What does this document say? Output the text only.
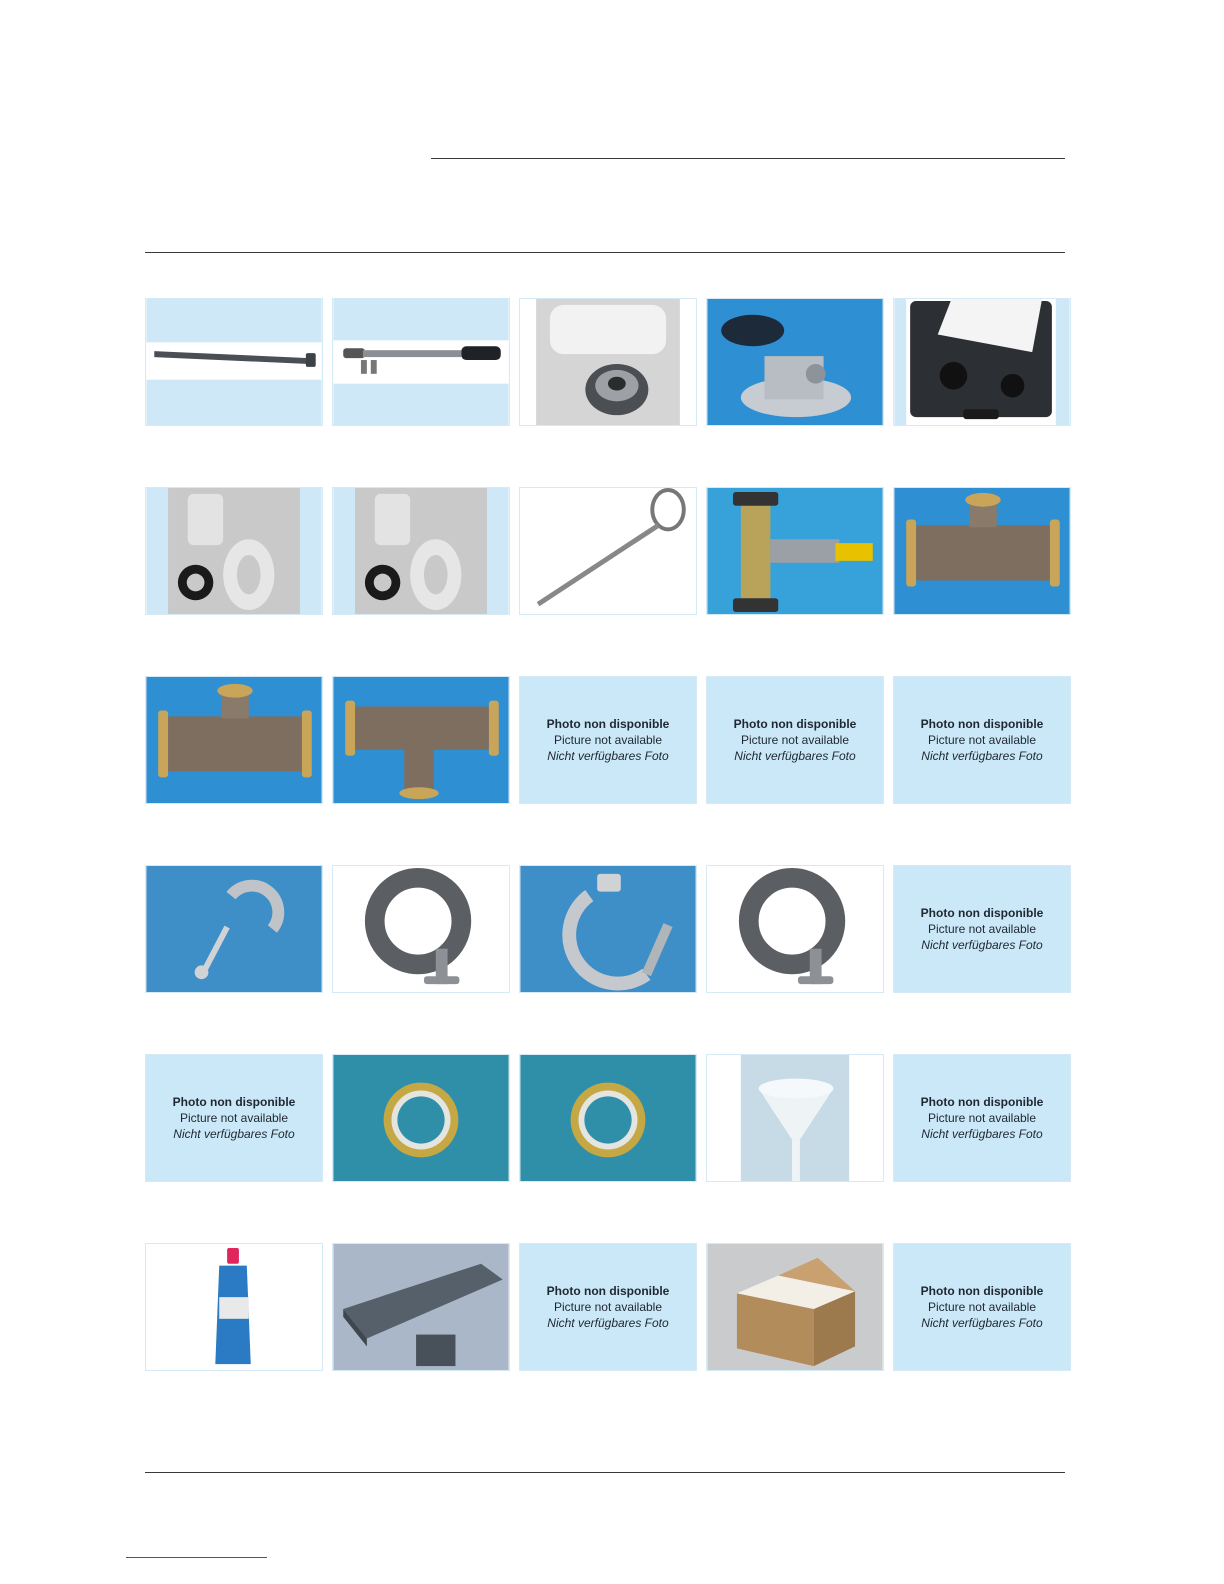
Photo non disponible
Picture not available
Nicht verfügbares Foto
Photo non disponible
Picture not available
Nicht verfügbares Foto
Photo non disponible
Picture not available
Nicht verfügbares Foto
Photo non disponible
Picture not available
Nicht verfügbares Foto
Photo non disponible
Picture not available
Nicht verfügbares Foto
Photo non disponible
Picture not available
Nicht verfügbares Foto
Photo non disponible
Picture not available
Nicht verfügbares Foto
Photo non disponible
Picture not available
Nicht verfügbares Foto
